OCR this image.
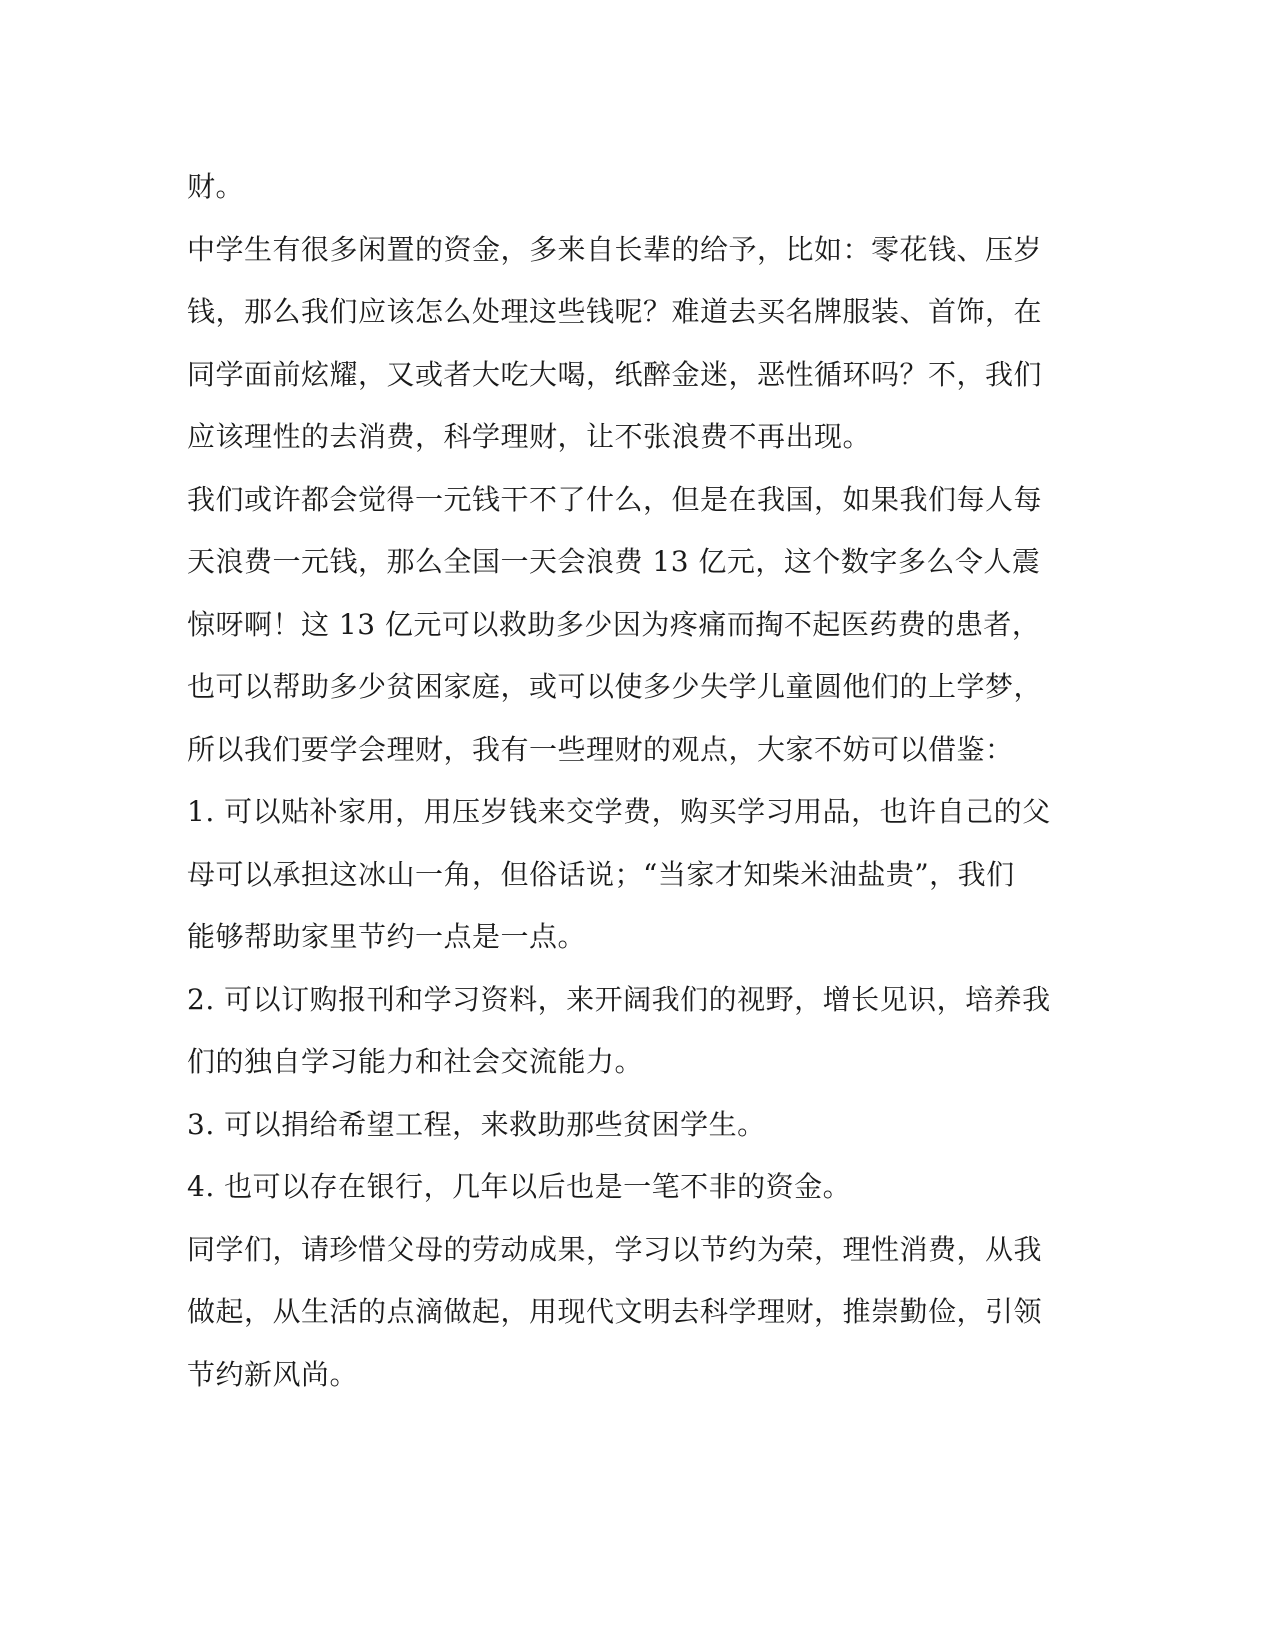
财。
中学生有很多闲置的资金，多来自长辈的给予，比如：零花钱、压岁
钱，那么我们应该怎么处理这些钱呢？难道去买名牌服装、首饰，在
同学面前炫耀，又或者大吃大喝，纸醉金迷，恶性循环吗？不，我们
应该理性的去消费，科学理财，让不张浪费不再出现。
我们或许都会觉得一元钱干不了什么，但是在我国，如果我们每人每
天浪费一元钱，那么全国一天会浪费 13 亿元，这个数字多么令人震
惊呀啊！这 13 亿元可以救助多少因为疼痛而掏不起医药费的患者，
也可以帮助多少贫困家庭，或可以使多少失学儿童圆他们的上学梦，
所以我们要学会理财，我有一些理财的观点，大家不妨可以借鉴：
1. 可以贴补家用，用压岁钱来交学费，购买学习用品，也许自己的父
母可以承担这冰山一角，但俗话说；“当家才知柴米油盐贵”，我们
能够帮助家里节约一点是一点。
2. 可以订购报刊和学习资料，来开阔我们的视野，增长见识，培养我
们的独自学习能力和社会交流能力。
3. 可以捐给希望工程，来救助那些贫困学生。
4. 也可以存在银行，几年以后也是一笔不非的资金。
同学们，请珍惜父母的劳动成果，学习以节约为荣，理性消费，从我
做起，从生活的点滴做起，用现代文明去科学理财，推崇勤俭，引领
节约新风尚。
